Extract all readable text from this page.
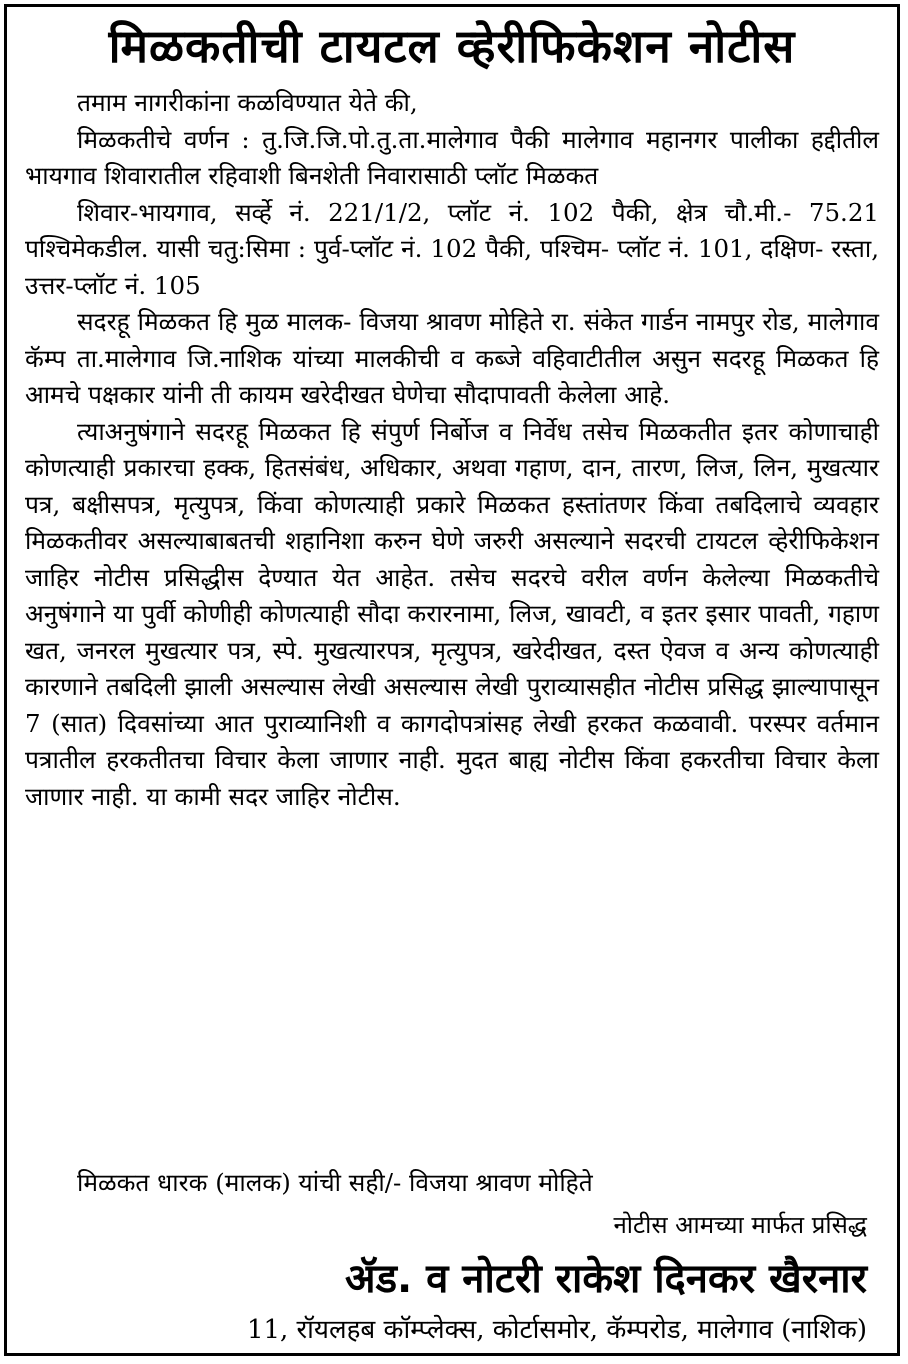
मिळकतीची टायटल व्हेरीफिकेशन नोटीस

तमाम नागरीकांना कळविण्यात येते की,

मिळकतीचे वर्णन : तु.जि.जि.पो.तु.ता.मालेगाव पैकी मालेगाव महानगर पालीका हद्दीतील भायगाव शिवारातील रहिवाशी बिनशेती निवारासाठी प्लॉट मिळकत

शिवार-भायगाव, सर्व्हे नं. 221/1/2, प्लॉट नं. 102 पैकी, क्षेत्र चौ.मी.- 75.21 पश्चिमेकडील. यासी चतु:सिमा : पुर्व-प्लॉट नं. 102 पैकी, पश्चिम- प्लॉट नं. 101, दक्षिण- रस्ता, उत्तर-प्लॉट नं. 105

सदरहू मिळकत हि मुळ मालक- विजया श्रावण मोहिते रा. संकेत गार्डन नामपुर रोड, मालेगाव कॅम्प ता.मालेगाव जि.नाशिक यांच्या मालकीची व कब्जे वहिवाटीतील असुन सदरहू मिळकत हि आमचे पक्षकार यांनी ती कायम खरेदीखत घेणेचा सौदापावती केलेला आहे.

त्याअनुषंगाने सदरहू मिळकत हि संपुर्ण निर्बोज व निर्वेध तसेच मिळकतीत इतर कोणाचाही कोणत्याही प्रकारचा हक्क, हितसंबंध, अधिकार, अथवा गहाण, दान, तारण, लिज, लिन, मुखत्यार पत्र, बक्षीसपत्र, मृत्युपत्र, किंवा कोणत्याही प्रकारे मिळकत हस्तांतणर किंवा तबदिलाचे व्यवहार मिळकतीवर असल्याबाबतची शहानिशा करुन घेणे जरुरी असल्याने सदरची टायटल व्हेरीफिकेशन जाहिर नोटीस प्रसिद्धीस देण्यात येत आहेत. तसेच सदरचे वरील वर्णन केलेल्या मिळकतीचे अनुषंगाने या पुर्वी कोणीही कोणत्याही सौदा करारनामा, लिज, खावटी, व इतर इसार पावती, गहाण खत, जनरल मुखत्यार पत्र, स्पे. मुखत्यारपत्र, मृत्युपत्र, खरेदीखत, दस्त ऐवज व अन्य कोणत्याही कारणाने तबदिली झाली असल्यास लेखी असल्यास लेखी पुराव्यासहीत नोटीस प्रसिद्ध झाल्यापासून 7 (सात) दिवसांच्या आत पुराव्यानिशी व कागदोपत्रांसह लेखी हरकत कळवावी. परस्पर वर्तमान पत्रातील हरकतीतचा विचार केला जाणार नाही. मुदत बाह्य नोटीस किंवा हकरतीचा विचार केला जाणार नाही. या कामी सदर जाहिर नोटीस.

मिळकत धारक (मालक) यांची सही/- विजया श्रावण मोहिते
नोटीस आमच्या मार्फत प्रसिद्ध
ॲड. व नोटरी राकेश दिनकर खैरनार
11, रॉयलहब कॉम्प्लेक्स, कोर्टासमोर, कॅम्परोड, मालेगाव (नाशिक)
